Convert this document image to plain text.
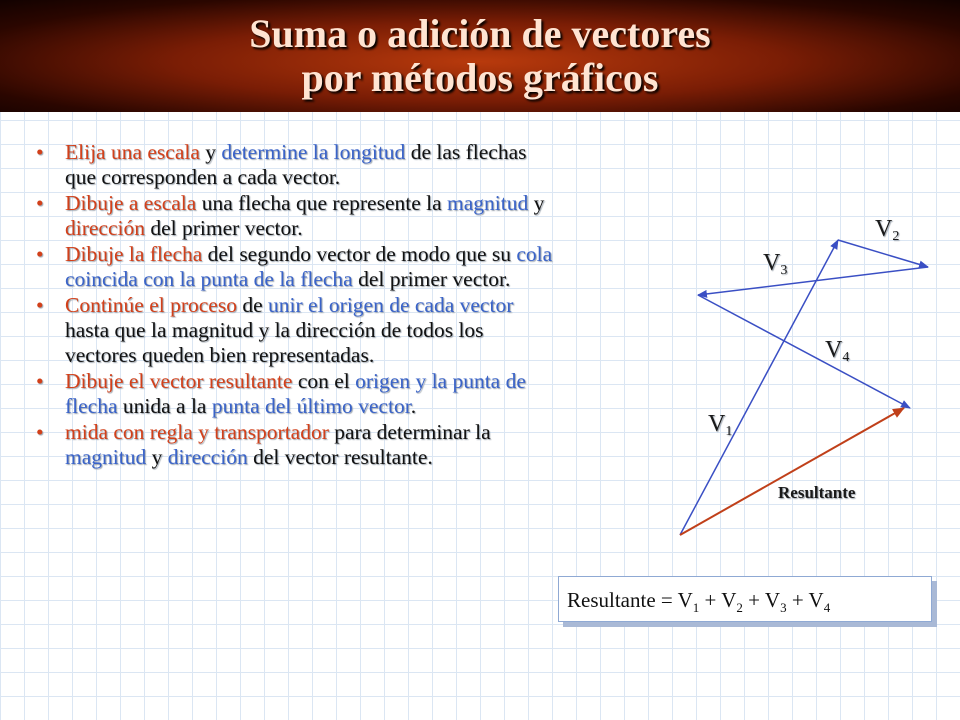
Suma o adición de vectores
por métodos gráficos
• Elija una escala y determine la longitud de las flechas que corresponden a cada vector.
• Dibuje a escala una flecha que represente la magnitud y dirección del primer vector.
• Dibuje la flecha del segundo vector de modo que su cola coincida con la punta de la flecha del primer vector.
• Continúe el proceso de unir el origen de cada vector hasta que la magnitud y la dirección de todos los vectores queden bien representadas.
• Dibuje el vector resultante con el origen y la punta de flecha unida a la punta del último vector.
• mida con regla y transportador para determinar la magnitud y dirección del vector resultante.
V1
V2
V3
V4
Resultante
Resultante = $V_1 + V_2 + V_3 + V_4$
